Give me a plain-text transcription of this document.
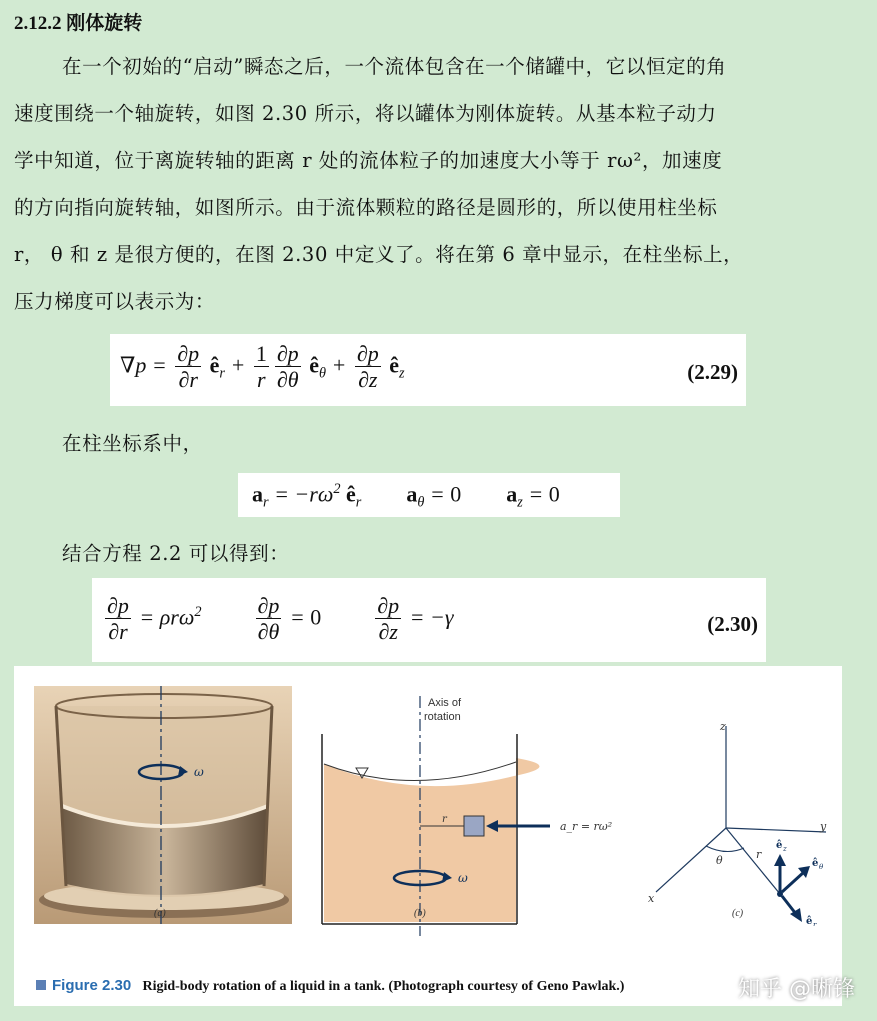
2.12.2 刚体旋转
在一个初始的“启动”瞬态之后，一个流体包含在一个储罐中，它以恒定的角
速度围绕一个轴旋转，如图 2.30 所示，将以罐体为刚体旋转。从基本粒子动力
学中知道，位于离旋转轴的距离 r 处的流体粒子的加速度大小等于 rω²，加速度
的方向指向旋转轴，如图所示。由于流体颗粒的路径是圆形的，所以使用柱坐标
r， θ 和 z 是很方便的，在图 2.30 中定义了。将在第 6 章中显示，在柱坐标上，
压力梯度可以表示为：
$\nabla p = \frac{\partial p}{\partial r}$ $ê_r + \frac{1}{r} \frac{\partial p}{\partial\theta}$ $ê_\theta + \frac{\partial p}{\partial z}$ $ê_z$	(2.29)
在柱坐标系中，
$a_r = -r\omega^2$ $ê_r$ $a_\theta = 0$ $a_z = 0$
结合方程 2.2 可以得到：
$\frac{\partial p}{\partial r} = \rho r\omega^2 \frac{\partial p}{\partial\theta} = 0 \frac{\partial p}{\partial z} = -\gamma$	(2.30)
ω
(a)
Axis of
rotation
r
a_r = rω²
ω
(b)
z
y
x
θ	r
ê z
ê θ
ê r
(c)
Figure 2.30 Rigid-body rotation of a liquid in a tank. (Photograph courtesy of Geno Pawlak.)	知乎 @晰锋
